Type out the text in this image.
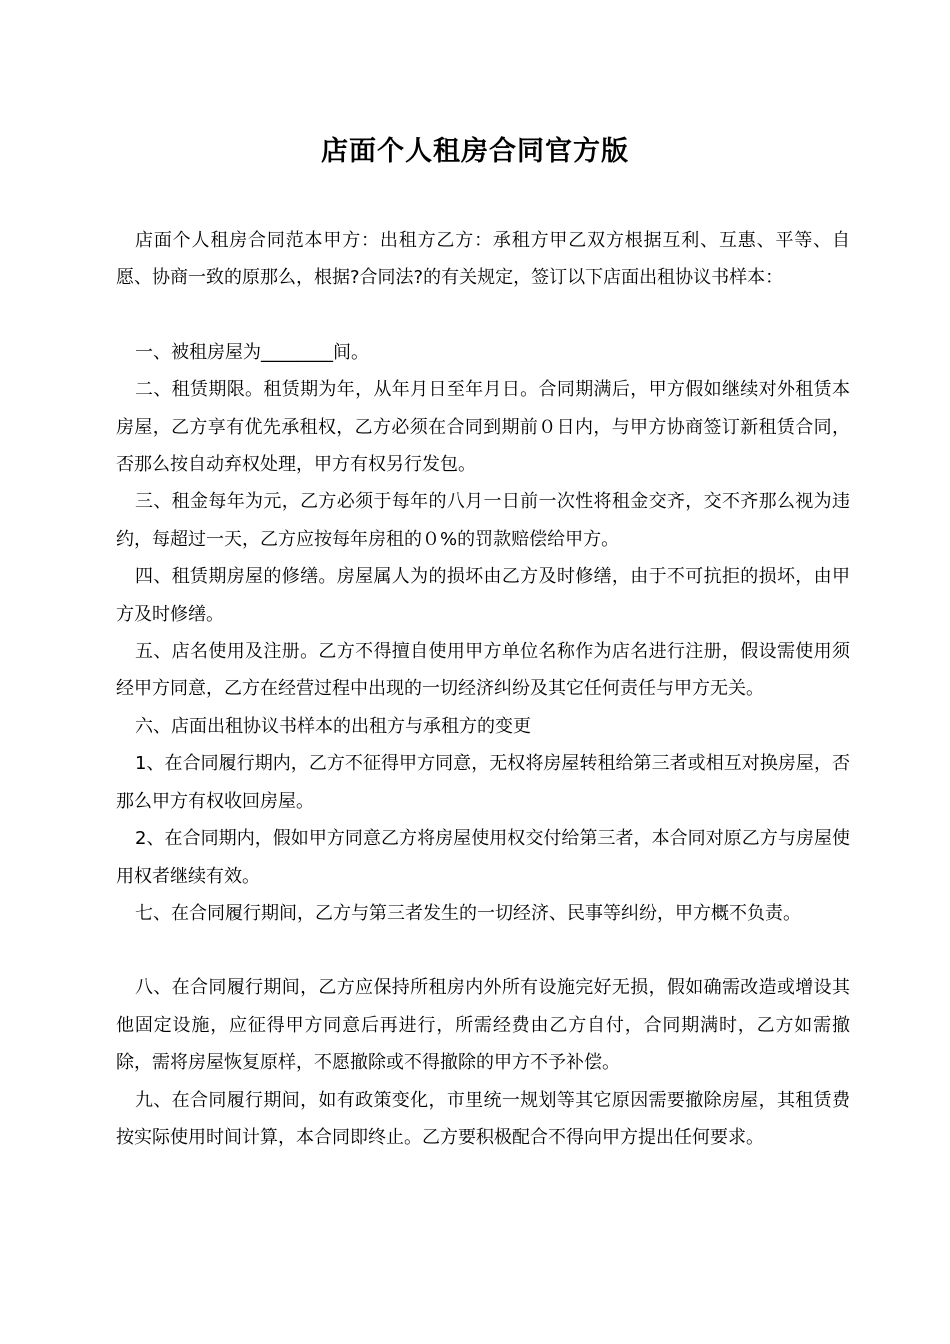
店面个人租房合同官方版

店面个人租房合同范本甲方：出租方乙方：承租方甲乙双方根据互利、互惠、平等、自愿、协商一致的原那么，根据?合同法?的有关规定，签订以下店面出租协议书样本：

一、被租房屋为________间。

二、租赁期限。租赁期为年，从年月日至年月日。合同期满后，甲方假如继续对外租赁本房屋，乙方享有优先承租权，乙方必须在合同到期前０日内，与甲方协商签订新租赁合同，否那么按自动弃权处理，甲方有权另行发包。

三、租金每年为元，乙方必须于每年的八月一日前一次性将租金交齐，交不齐那么视为违约，每超过一天，乙方应按每年房租的０%的罚款赔偿给甲方。

四、租赁期房屋的修缮。房屋属人为的损坏由乙方及时修缮，由于不可抗拒的损坏，由甲方及时修缮。

五、店名使用及注册。乙方不得擅自使用甲方单位名称作为店名进行注册，假设需使用须经甲方同意，乙方在经营过程中出现的一切经济纠纷及其它任何责任与甲方无关。

六、店面出租协议书样本的出租方与承租方的变更

1、在合同履行期内，乙方不征得甲方同意，无权将房屋转租给第三者或相互对换房屋，否那么甲方有权收回房屋。

2、在合同期内，假如甲方同意乙方将房屋使用权交付给第三者，本合同对原乙方与房屋使用权者继续有效。

七、在合同履行期间，乙方与第三者发生的一切经济、民事等纠纷，甲方概不负责。

八、在合同履行期间，乙方应保持所租房内外所有设施完好无损，假如确需改造或增设其他固定设施，应征得甲方同意后再进行，所需经费由乙方自付，合同期满时，乙方如需撤除，需将房屋恢复原样，不愿撤除或不得撤除的甲方不予补偿。

九、在合同履行期间，如有政策变化，市里统一规划等其它原因需要撤除房屋，其租赁费按实际使用时间计算，本合同即终止。乙方要积极配合不得向甲方提出任何要求。
